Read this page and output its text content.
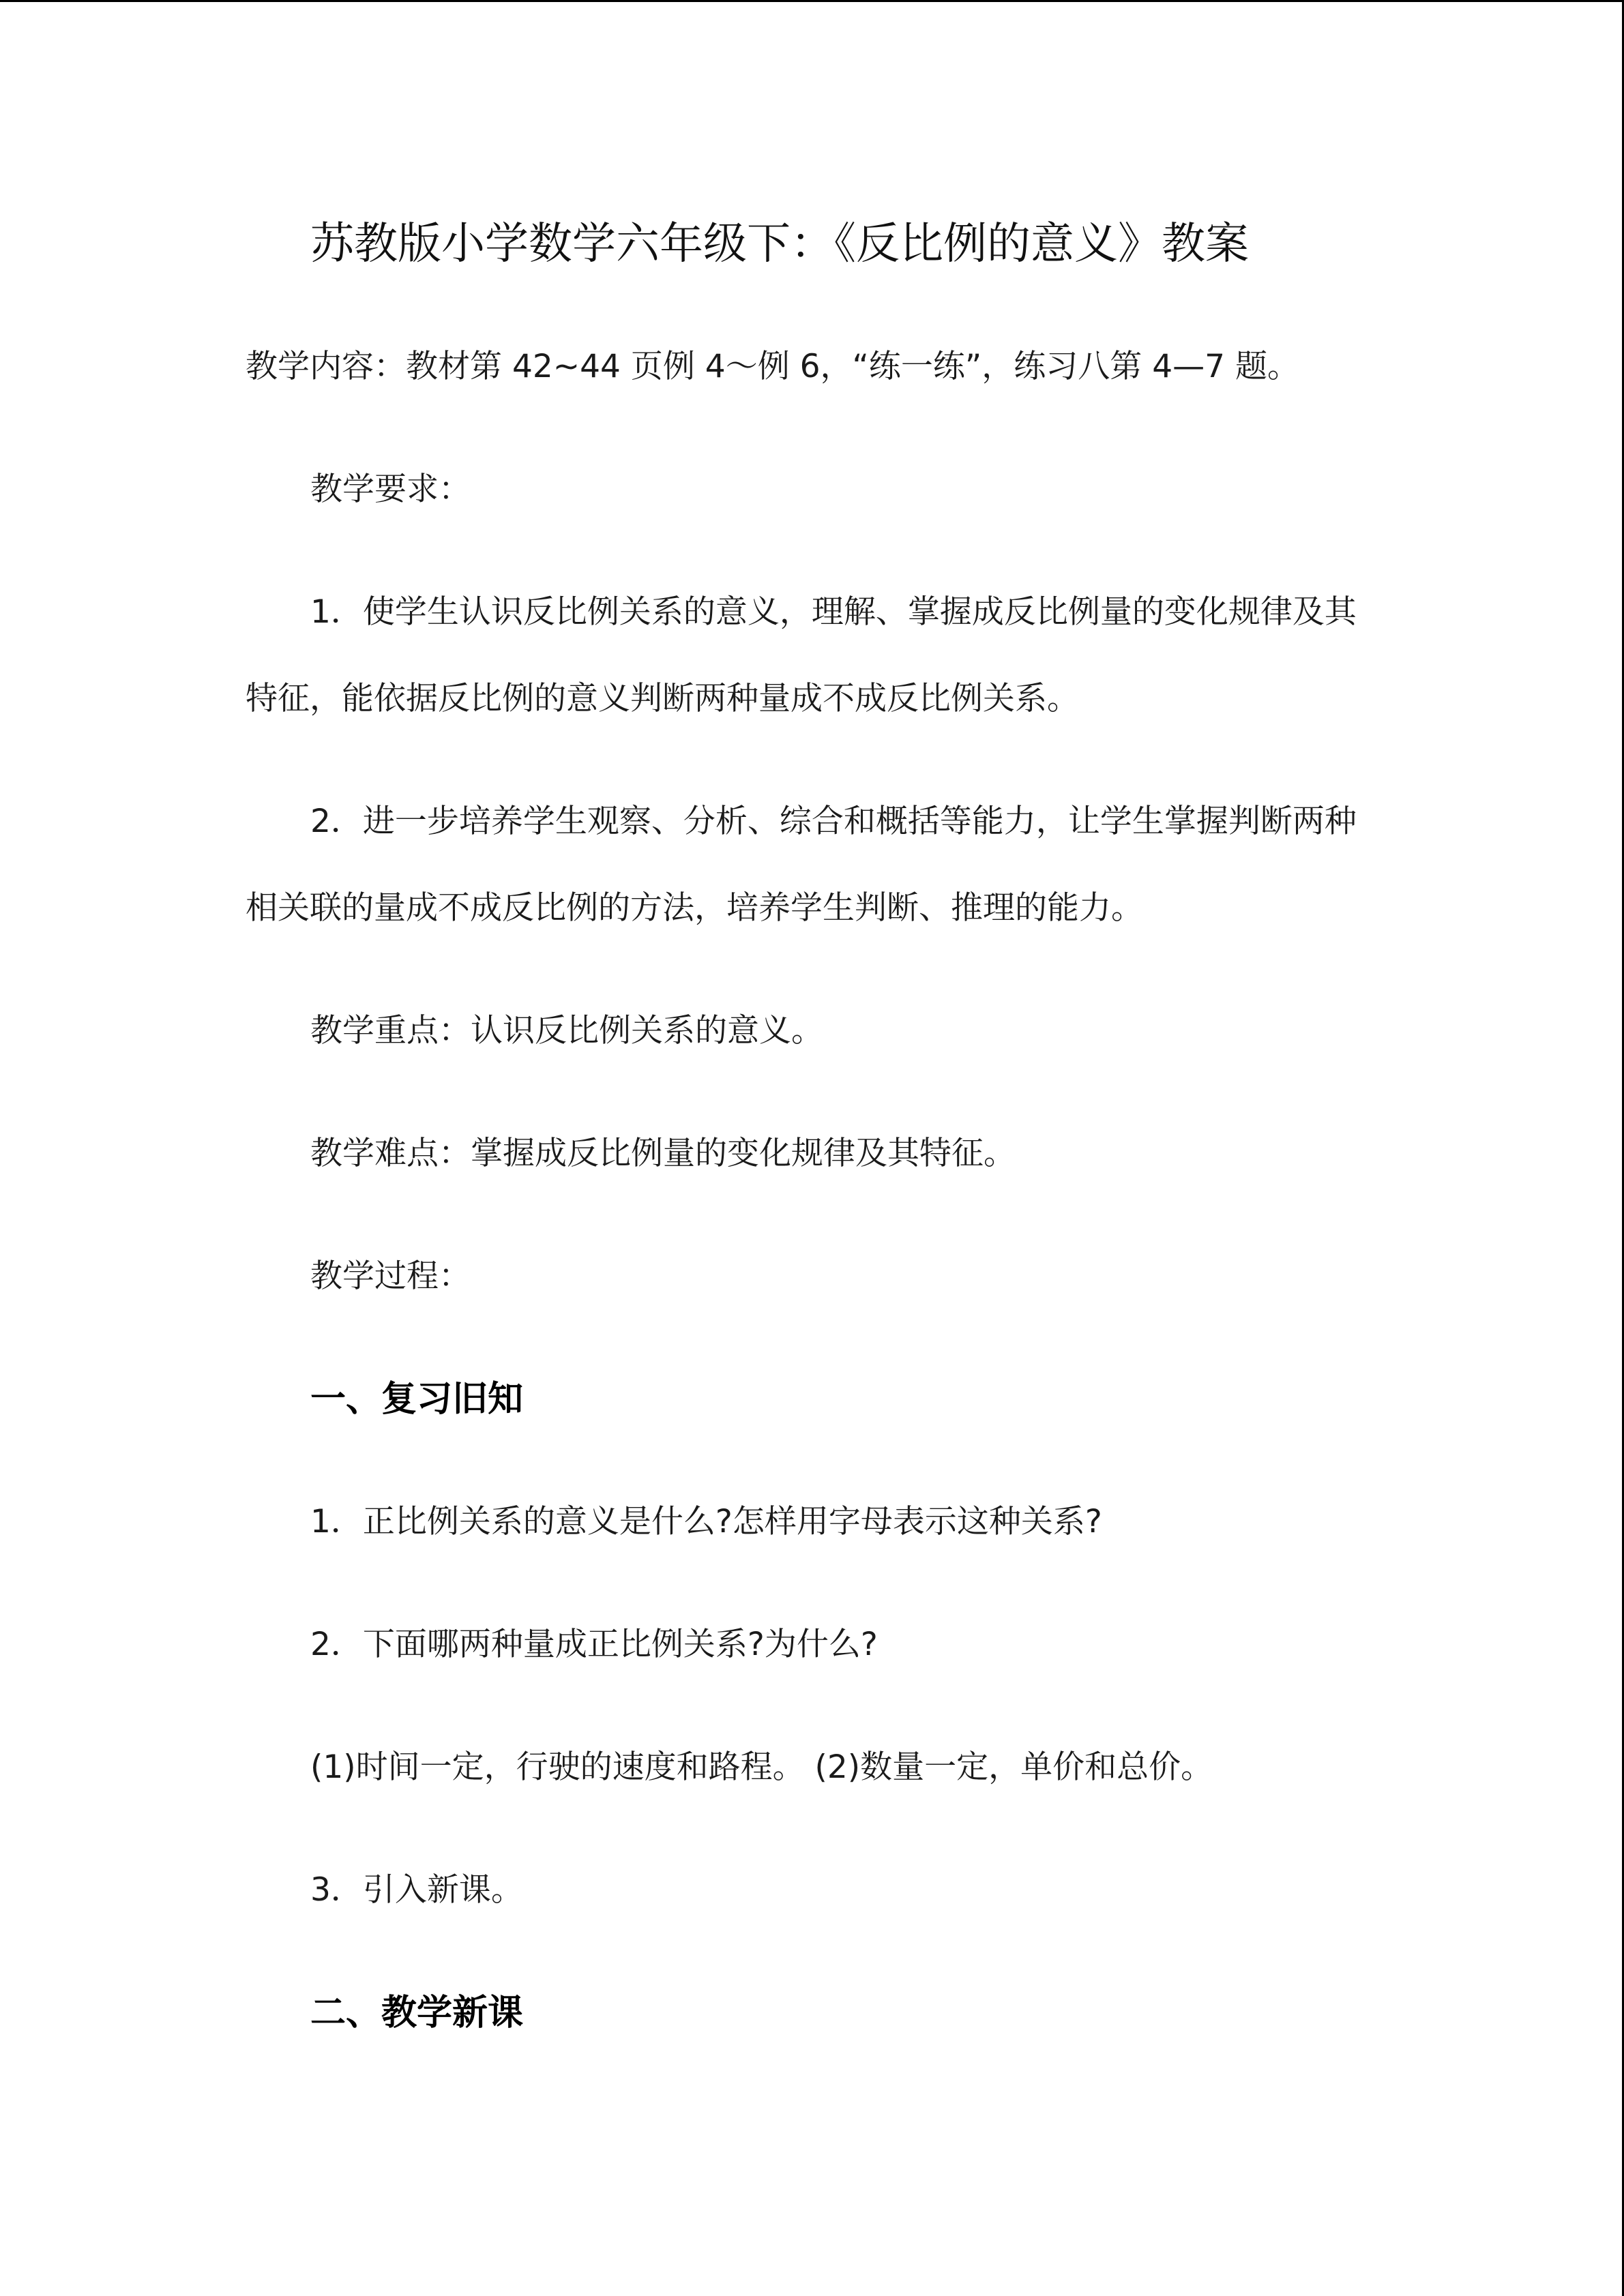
苏教版小学数学六年级下：《反比例的意义》教案
教学内容：教材第 42~44 页例 4～例 6，“练一练”，练习八第 4—7 题。
教学要求：
1．使学生认识反比例关系的意义，理解、掌握成反比例量的变化规律及其
特征，能依据反比例的意义判断两种量成不成反比例关系。
2．进一步培养学生观察、分析、综合和概括等能力，让学生掌握判断两种
相关联的量成不成反比例的方法，培养学生判断、推理的能力。
教学重点：认识反比例关系的意义。
教学难点：掌握成反比例量的变化规律及其特征。
教学过程：
一、复习旧知
1．正比例关系的意义是什么?怎样用字母表示这种关系?
2．下面哪两种量成正比例关系?为什么?
(1)时间一定，行驶的速度和路程。 (2)数量一定，单价和总价。
3．引入新课。
二、教学新课
